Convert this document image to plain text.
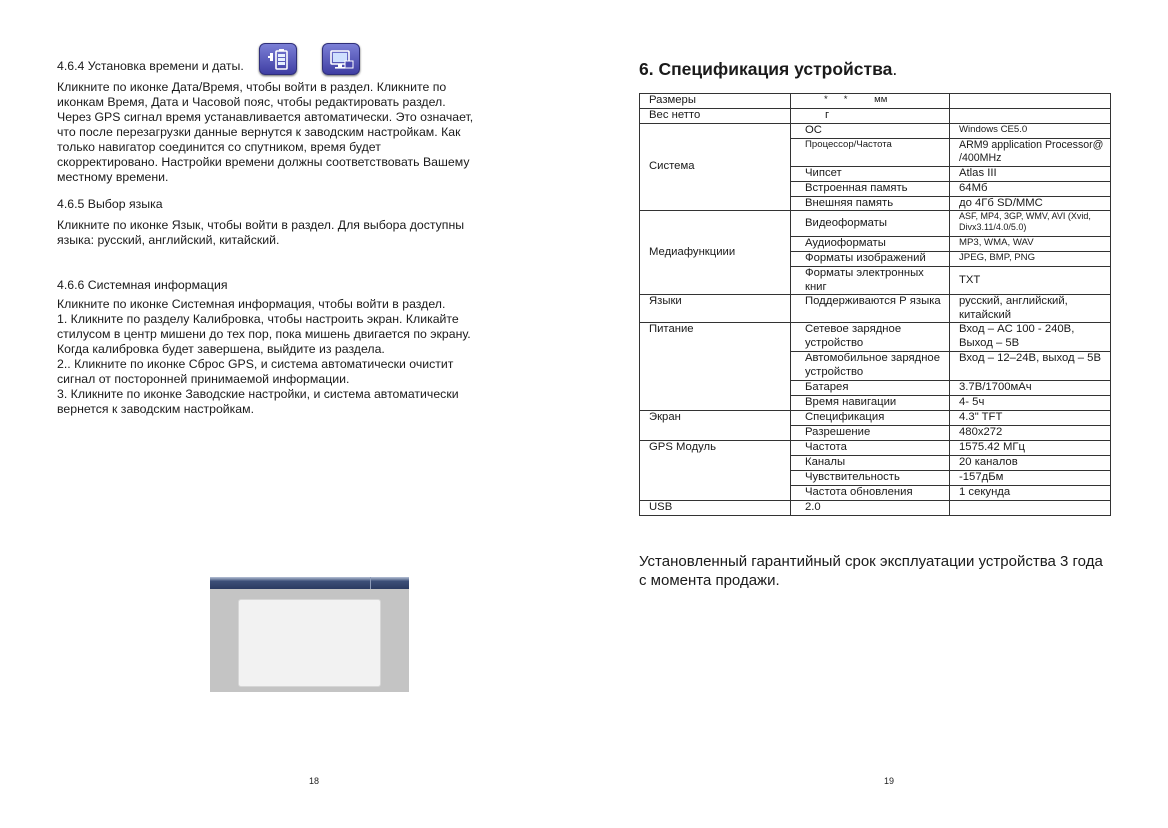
4.6.4 Установка времени и даты.
Кликните по иконке Дата/Время, чтобы войти в раздел. Кликните по
иконкам Время, Дата и Часовой пояс, чтобы редактировать раздел.
Через GPS сигнал время устанавливается автоматически. Это означает,
что после перезагрузки данные вернутся к заводским настройкам. Как
только навигатор соединится со спутником, время будет
скорректировано. Настройки времени должны соответствовать Вашему
местному времени.
4.6.5 Выбор языка
Кликните по иконке Язык, чтобы войти в раздел. Для выбора доступны
языка: русский, английский, китайский.
4.6.6 Системная информация
Кликните по иконке Системная информация, чтобы войти в раздел.
1. Кликните по разделу Калибровка, чтобы настроить экран. Кликайте
стилусом в центр мишени до тех пор, пока мишень двигается по экрану.
Когда калибровка будет завершена, выйдите из раздела.
2.. Кликните по иконке Сброс GPS, и система автоматически очистит
сигнал от посторонней принимаемой информации.
3. Кликните по иконке Заводские настройки, и система автоматически
вернется к заводским настройкам.
18
6. Спецификация устройства.
Размеры	*      *          мм	
Вес нетто	г	
Система	ОС	Windows CE5.0
	Процессор/Частота	ARM9 application Processor@ /400MHz
	Чипсет	Atlas III
	Встроенная память	64Мб
	Внешняя память	до 4Гб SD/MMC
Медиафункциии	Видеоформаты	ASF, MP4, 3GP, WMV, AVI (Xvid, Divx3.11/4.0/5.0)
	Аудиоформаты	MP3, WMA, WAV
	Форматы изображений	JPEG, BMP, PNG
	Форматы электронных книг	TXT
Языки	Поддерживаются Р языка	русский, английский, китайский
Питание	Сетевое зарядное устройство	Вход – AC 100 - 240В, Выход – 5В
	Автомобильное зарядное устройство	Вход – 12–24В, выход – 5В
	Батарея	3.7В/1700мАч
	Время навигации	4- 5ч
Экран	Спецификация	4.3" TFT
	Разрешение	480x272
GPS Модуль	Частота	1575.42 МГц
	Каналы	20 каналов
	Чувствительность	-157дБм
	Частота обновления	1 секунда
USB	2.0	
Установленный гарантийный срок эксплуатации устройства 3 года с момента продажи.
19
